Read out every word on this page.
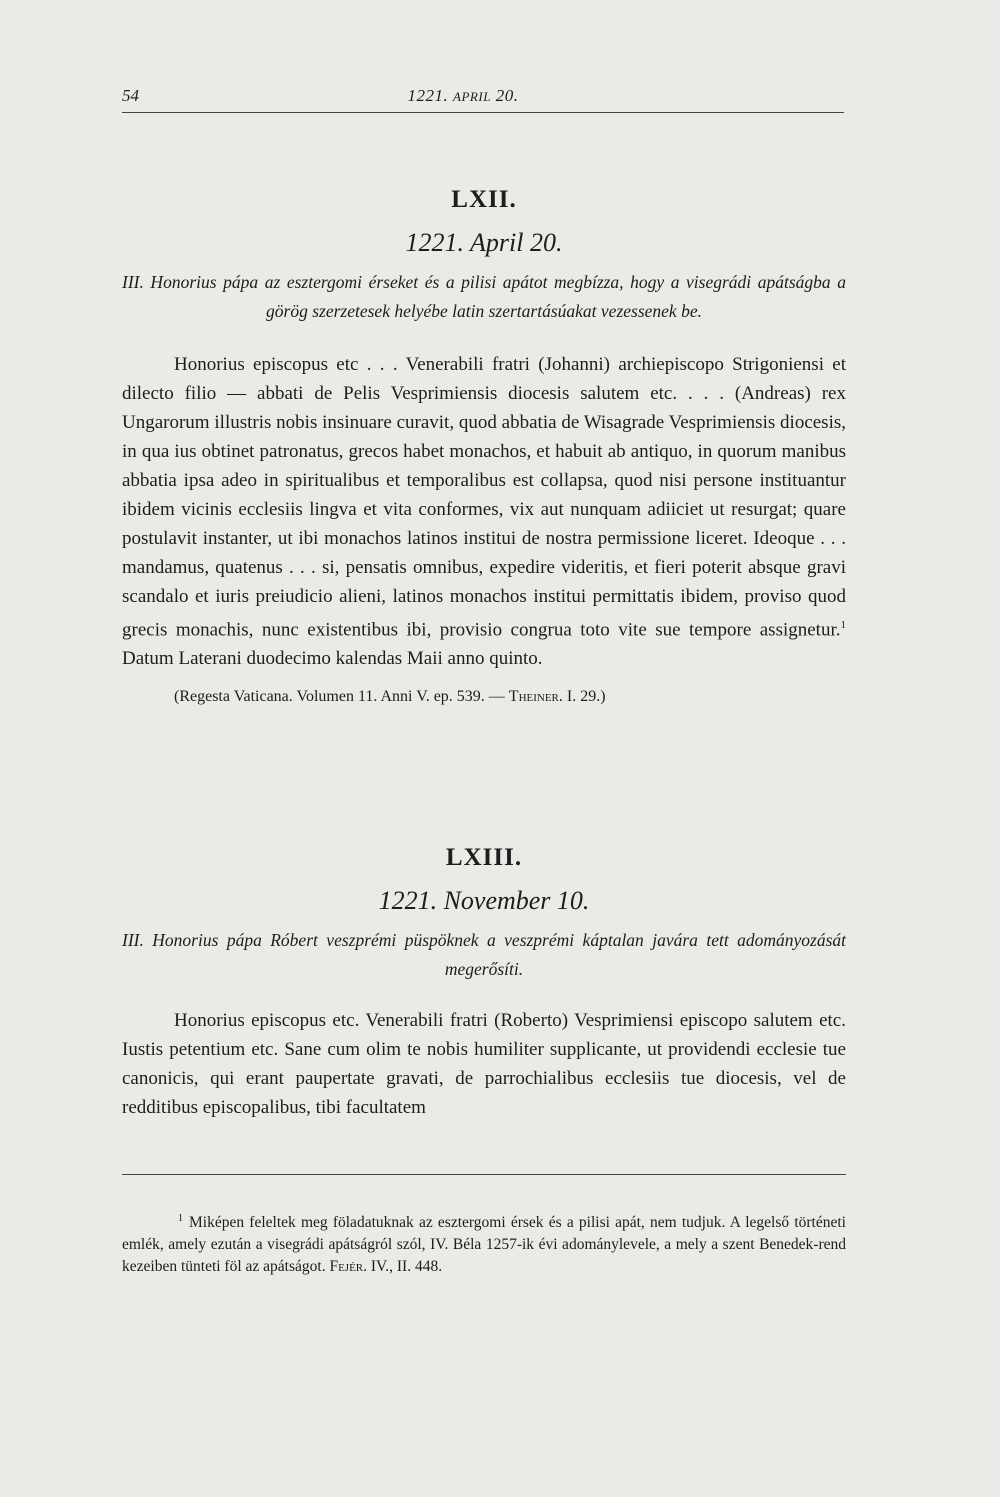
54	1221. APRIL 20.
LXII.

1221. April 20.

III. Honorius pápa az esztergomi érseket és a pilisi apátot megbízza, hogy a visegrádi apátságba a görög szerzetesek helyébe latin szertartásúakat vezessenek be.

Honorius episcopus etc . . . Venerabili fratri (Johanni) archiepiscopo Strigoniensi et dilecto filio — abbati de Pelis Vesprimiensis diocesis salutem etc. . . . (Andreas) rex Ungarorum illustris nobis insinuare curavit, quod abbatia de Wisagrade Vesprimiensis diocesis, in qua ius obtinet patronatus, grecos habet monachos, et habuit ab antiquo, in quorum manibus abbatia ipsa adeo in spiritualibus et temporalibus est collapsa, quod nisi persone instituantur ibidem vicinis ecclesiis lingva et vita conformes, vix aut nunquam adiiciet ut resurgat; quare postulavit instanter, ut ibi monachos latinos institui de nostra permissione liceret. Ideoque . . . mandamus, quatenus . . . si, pensatis omnibus, expedire videritis, et fieri poterit absque gravi scandalo et iuris preiudicio alieni, latinos monachos institui permittatis ibidem, proviso quod grecis monachis, nunc existentibus ibi, provisio congrua toto vite sue tempore assignetur.$^1$ Datum Laterani duodecimo kalendas Maii anno quinto.

(Regesta Vaticana. Volumen 11. Anni V. ep. 539. — Theiner. I. 29.)

LXIII.

1221. November 10.

III. Honorius pápa Róbert veszprémi püspöknek a veszprémi káptalan javára tett adományozását megerősíti.

Honorius episcopus etc. Venerabili fratri (Roberto) Vesprimiensi episcopo salutem etc. Iustis petentium etc. Sane cum olim te nobis humiliter supplicante, ut providendi ecclesie tue canonicis, qui erant paupertate gravati, de parrochialibus ecclesiis tue diocesis, vel de redditibus episcopalibus, tibi facultatem

$^1$ Miképen feleltek meg föladatuknak az esztergomi érsek és a pilisi apát, nem tudjuk. A legelső történeti emlék, amely ezután a visegrádi apátságról szól, IV. Béla 1257-ik évi adománylevele, a mely a szent Benedek-rend kezeiben tünteti föl az apátságot. Fejér. IV., II. 448.
